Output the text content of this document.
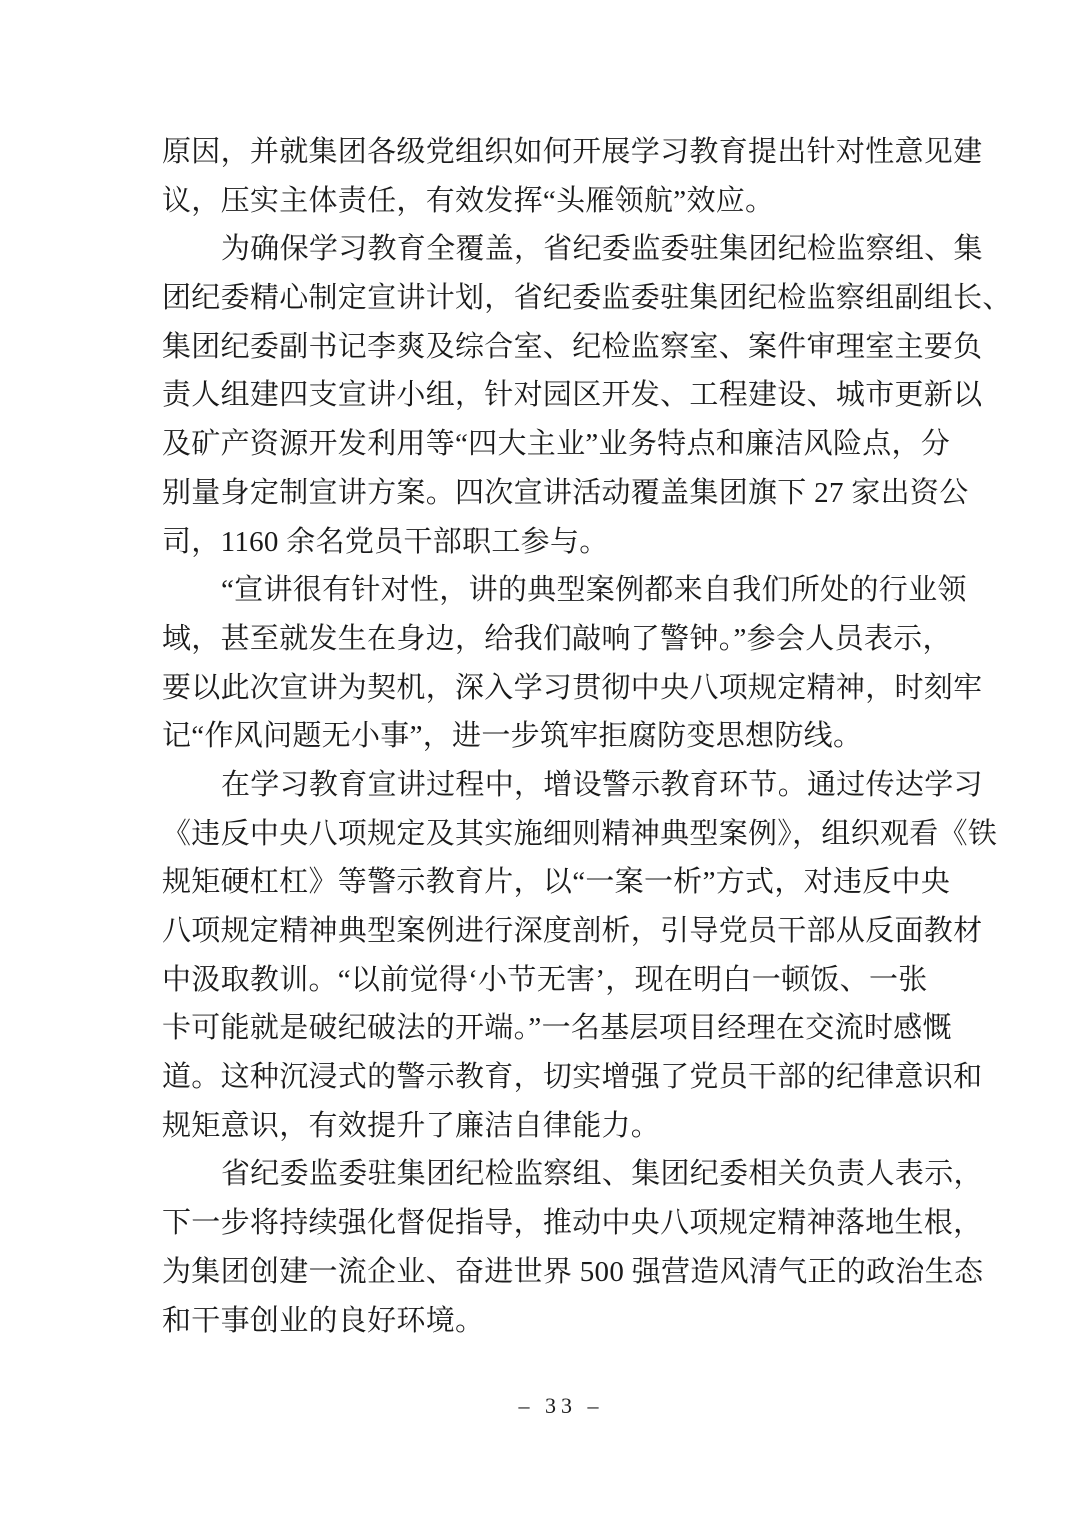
原因，并就集团各级党组织如何开展学习教育提出针对性意见建
议，压实主体责任，有效发挥“头雁领航”效应。
为确保学习教育全覆盖，省纪委监委驻集团纪检监察组、集
团纪委精心制定宣讲计划，省纪委监委驻集团纪检监察组副组长、
集团纪委副书记李爽及综合室、纪检监察室、案件审理室主要负
责人组建四支宣讲小组，针对园区开发、工程建设、城市更新以
及矿产资源开发利用等“四大主业”业务特点和廉洁风险点，分
别量身定制宣讲方案。四次宣讲活动覆盖集团旗下 27 家出资公
司，1160 余名党员干部职工参与。
“宣讲很有针对性，讲的典型案例都来自我们所处的行业领
域，甚至就发生在身边，给我们敲响了警钟。”参会人员表示，
要以此次宣讲为契机，深入学习贯彻中央八项规定精神，时刻牢
记“作风问题无小事”，进一步筑牢拒腐防变思想防线。
在学习教育宣讲过程中，增设警示教育环节。通过传达学习
《违反中央八项规定及其实施细则精神典型案例》，组织观看《铁
规矩硬杠杠》等警示教育片，以“一案一析”方式，对违反中央
八项规定精神典型案例进行深度剖析，引导党员干部从反面教材
中汲取教训。“以前觉得‘小节无害’，现在明白一顿饭、一张
卡可能就是破纪破法的开端。”一名基层项目经理在交流时感慨
道。这种沉浸式的警示教育，切实增强了党员干部的纪律意识和
规矩意识，有效提升了廉洁自律能力。
省纪委监委驻集团纪检监察组、集团纪委相关负责人表示，
下一步将持续强化督促指导，推动中央八项规定精神落地生根，
为集团创建一流企业、奋进世界 500 强营造风清气正的政治生态
和干事创业的良好环境。
– 33 –
